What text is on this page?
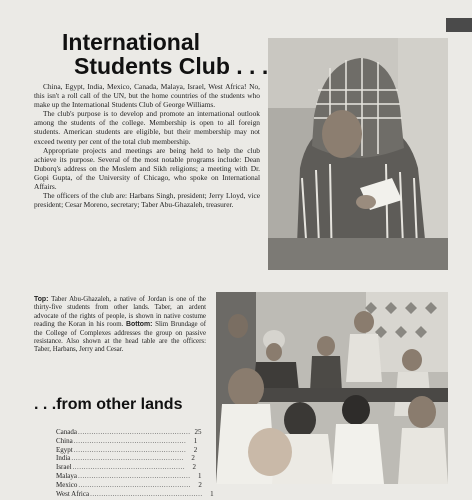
International
Students Club . . .

China, Egypt, India, Mexico, Canada, Malaya, Israel, West Africa! No, this isn't a roll call of the UN, but the home countries of the students who make up the International Students Club of George Williams.

The club's purpose is to develop and promote an international outlook among the students of the college. Membership is open to all foreign students. American students are eligible, but their membership may not exceed twenty per cent of the total club membership.

Appropriate projects and meetings are being held to help the club achieve its purpose. Several of the most notable programs include: Dean Duborq's address on the Moslem and Sikh religions; a meeting with Dr. Gopi Gupta, of the University of Chicago, who spoke on International Affairs.

The officers of the club are: Harbans Singh, president; Jerry Lloyd, vice president; Cesar Moreno, secretary; Taber Abu-Ghazaleh, treasurer.

Top: Taber Abu-Ghazaleh, a native of Jordan is one of the thirty-five students from other lands. Taber, an ardent advocate of the rights of people, is shown in native costume reading the Koran in his room. Bottom: Slim Brundage of the College of Complexes addresses the group on passive resistance. Also shown at the head table are the officers: Taber, Harbans, Jerry and Cesar.
. . .from other lands
Canada .................................................. 25
China ..................................................	1
Egypt ..................................................	2
India ..................................................	2
Israel ..................................................	2
Malaya ..................................................	1
Mexico ..................................................	2
West Africa ..................................................	1
